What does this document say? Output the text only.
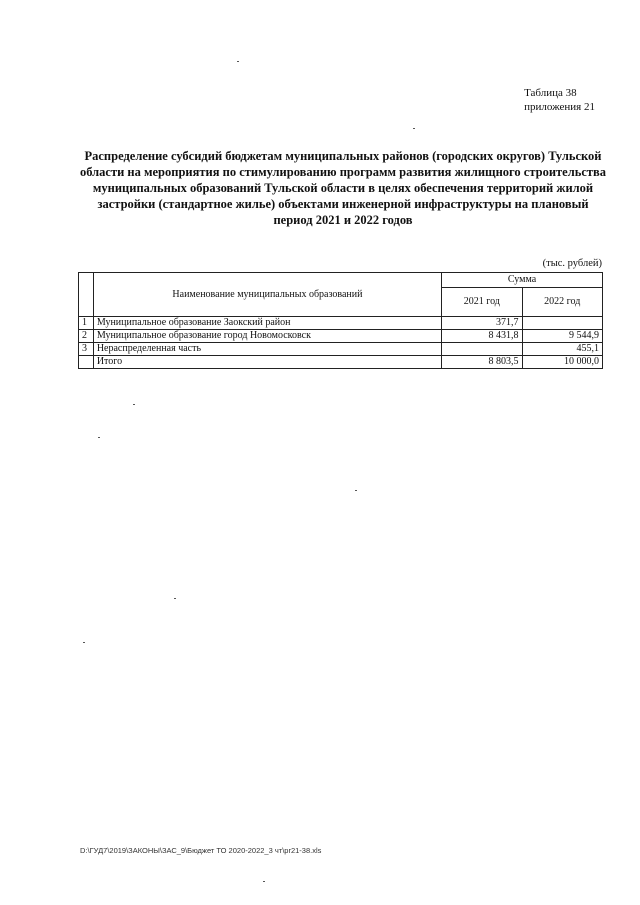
Таблица 38
приложения 21
Распределение субсидий бюджетам муниципальных районов (городских округов) Тульской области на мероприятия по стимулированию программ развития жилищного строительства муниципальных образований Тульской области в целях обеспечения территорий жилой застройки (стандартное жилье) объектами инженерной инфраструктуры на плановый период 2021 и 2022 годов
(тыс. рублей)
	Наименование муниципальных образований	Сумма	
		2021 год	2022 год
1	Муниципальное образование Заокский район	371,7	
2	Муниципальное образование город Новомосковск	8 431,8	9 544,9
3	Нераспределенная часть		455,1
	Итого	8 803,5	10 000,0
D:\ГУД7\2019\ЗАКОНЫ\ЗАС_9\Бюджет ТО 2020-2022_3 чт\pr21-38.xls
